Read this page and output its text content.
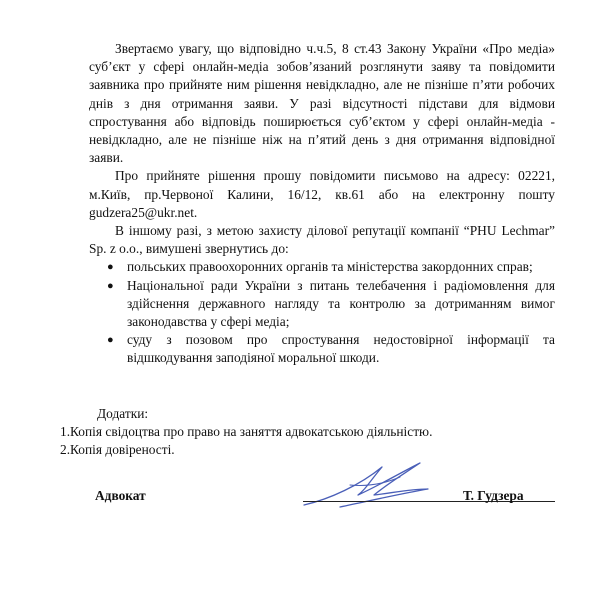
Звертаємо увагу, що відповідно ч.ч.5, 8 ст.43 Закону України «Про медіа» суб’єкт у сфері онлайн-медіа зобов’язаний розглянути заяву та повідомити заявника про прийняте ним рішення невідкладно, але не пізніше п’яти робочих днів з дня отримання заяви. У разі відсутності підстави для відмови спростування або відповідь поширюється суб’єктом у сфері онлайн-медіа - невідкладно, але не пізніше ніж на п’ятий день з дня отримання відповідної заяви.

Про прийняте рішення прошу повідомити письмово на адресу: 02221, м.Київ, пр.Червоної Калини, 16/12, кв.61 або на електронну пошту gudzera25@ukr.net.

В іншому разі, з метою захисту ділової репутації компанії “PHU Lechmar” Sp. z o.o., вимушені звернутись до:

● польських правоохоронних органів та міністерства закордонних справ;
● Національної ради України з питань телебачення і радіомовлення для здійснення державного нагляду та контролю за дотриманням вимог законодавства у сфері медіа;
● суду з позовом про спростування недостовірної інформації та відшкодування заподіяної моральної шкоди.

Додатки:

1.Копія свідоцтва про право на заняття адвокатською діяльністю.

2.Копія довіреності.

Адвокат	Т. Гудзера
